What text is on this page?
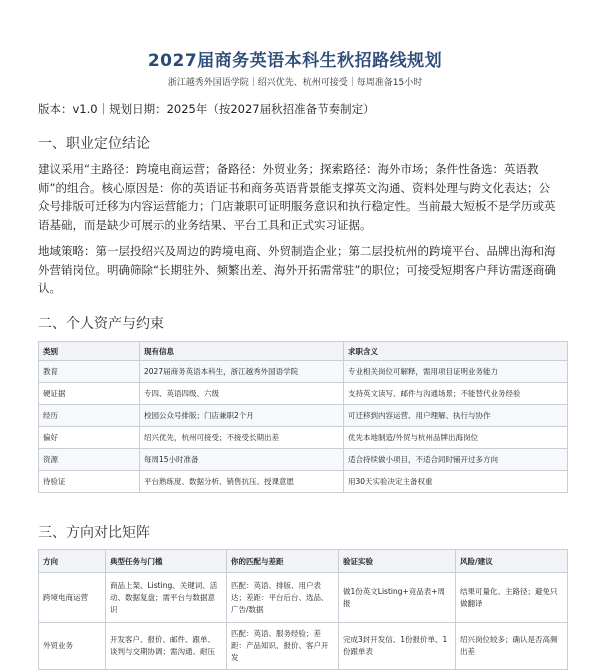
2027届商务英语本科生秋招路线规划
浙江越秀外国语学院｜绍兴优先、杭州可接受｜每周准备15小时
版本：v1.0｜规划日期：2025年（按2027届秋招准备节奏制定）
一、职业定位结论
建议采用“主路径：跨境电商运营；备路径：外贸业务；探索路径：海外市场；条件性备选：英语教师”的组合。核心原因是：你的英语证书和商务英语背景能支撑英文沟通、资料处理与跨文化表达；公众号排版可迁移为内容运营能力；门店兼职可证明服务意识和执行稳定性。当前最大短板不是学历或英语基础，而是缺少可展示的业务结果、平台工具和正式实习证据。
地域策略：第一层投绍兴及周边的跨境电商、外贸制造企业；第二层投杭州的跨境平台、品牌出海和海外营销岗位。明确筛除“长期驻外、频繁出差、海外开拓需常驻”的职位；可接受短期客户拜访需逐商确认。
二、个人资产与约束
类别	现有信息	求职含义
教育	2027届商务英语本科生，浙江越秀外国语学院	专业相关岗位可解释，需用项目证明业务能力
硬证据	专四、英语四级、六级	支持英文读写、邮件与沟通场景；不能替代业务经验
经历	校园公众号排版；门店兼职2个月	可迁移到内容运营、用户理解、执行与协作
偏好	绍兴优先，杭州可接受；不接受长期出差	优先本地制造/外贸与杭州品牌出海岗位
资源	每周15小时准备	适合持续做小项目，不适合同时铺开过多方向
待验证	平台熟练度、数据分析、销售抗压、授课意愿	用30天实验决定主备权重
三、方向对比矩阵
方向	典型任务与门槛	你的匹配与差距	验证实验	风险/建议
跨境电商运营	商品上架、Listing、关键词、活动、数据复盘；需平台与数据意识	匹配：英语、排版、用户表达；差距：平台后台、选品、广告/数据	做1份英文Listing+竞品表+周报	结果可量化、主路径；避免只做翻译
外贸业务	开发客户、报价、邮件、跟单、谈判与交期协调；需沟通、耐压	匹配：英语、服务经验；差距：产品知识、报价、客户开发	完成3封开发信、1份报价单、1份跟单表	绍兴岗位较多；确认是否高频出差
